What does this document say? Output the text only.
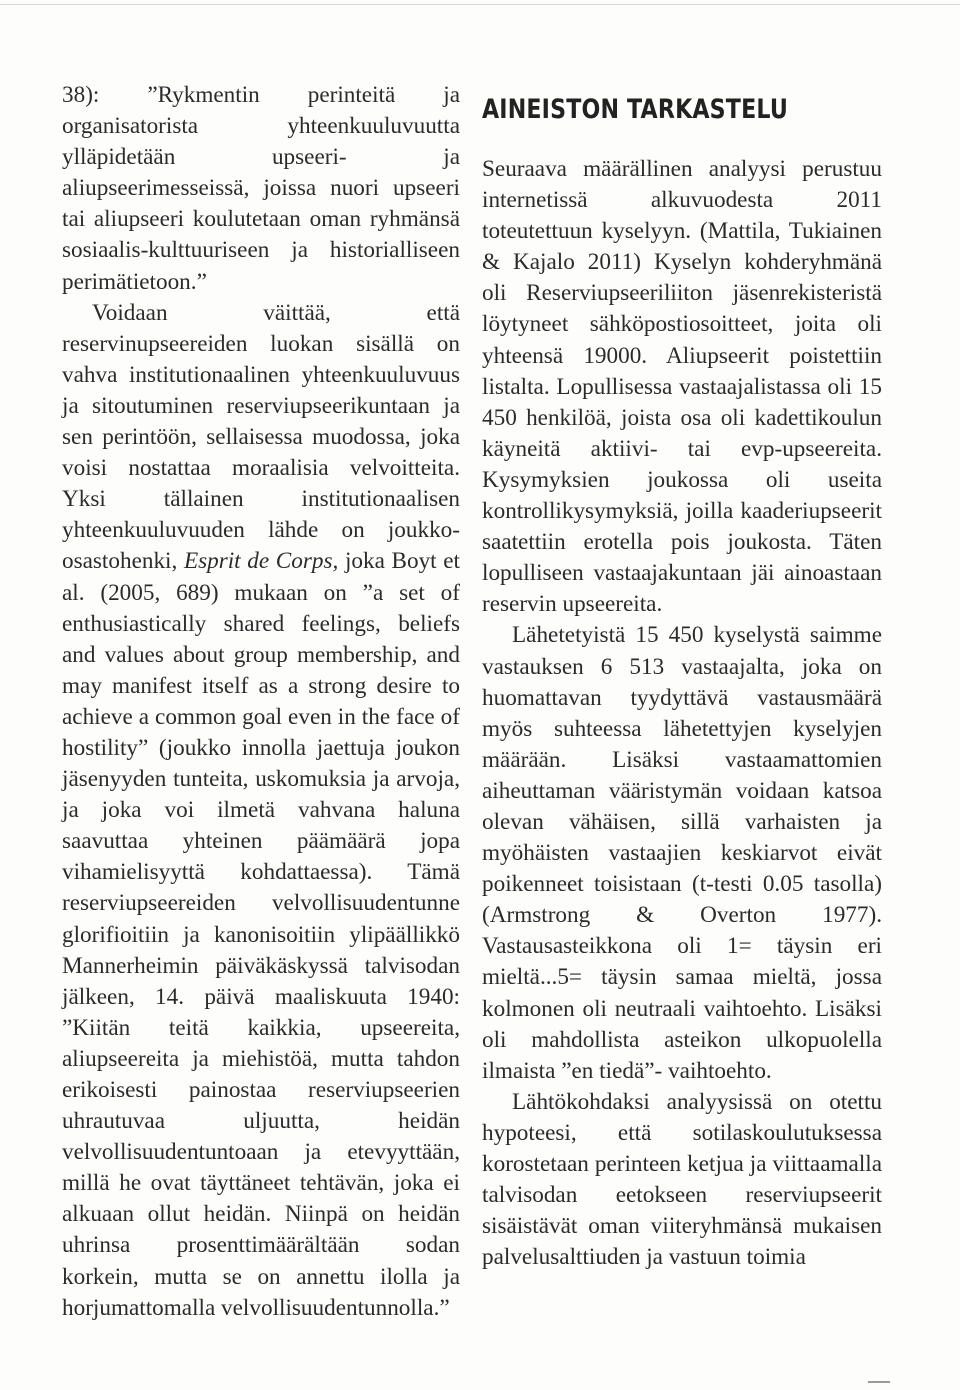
38): ”Rykmentin perinteitä ja organisatorista yhteenkuuluvuutta ylläpidetään upseeri- ja aliupseerimesseissä, joissa nuori upseeri tai aliupseeri koulutetaan oman ryhmänsä sosiaalis-kulttuuriseen ja historialliseen perimätietoon.”

Voidaan väittää, että reservinupseereiden luokan sisällä on vahva institutionaalinen yhteenkuuluvuus ja sitoutuminen reserviupseerikuntaan ja sen perintöön, sellaisessa muodossa, joka voisi nostattaa moraalisia velvoitteita. Yksi tällainen institutionaalisen yhteenkuuluvuuden lähde on joukko-osastohenki, Esprit de Corps, joka Boyt et al. (2005, 689) mukaan on ”a set of enthusiastically shared feelings, beliefs and values about group membership, and may manifest itself as a strong desire to achieve a common goal even in the face of hostility” (joukko innolla jaettuja joukon jäsenyyden tunteita, uskomuksia ja arvoja, ja joka voi ilmetä vahvana haluna saavuttaa yhteinen päämäärä jopa vihamielisyyttä kohdattaessa). Tämä reserviupseereiden velvollisuudentunne glorifioitiin ja kanonisoitiin ylipäällikkö Mannerheimin päiväkäskyssä talvisodan jälkeen, 14. päivä maaliskuuta 1940: ”Kiitän teitä kaikkia, upseereita, aliupseereita ja miehistöä, mutta tahdon erikoisesti painostaa reserviupseerien uhrautuvaa uljuutta, heidän velvollisuudentuntoaan ja etevyyttään, millä he ovat täyttäneet tehtävän, joka ei alkuaan ollut heidän. Niinpä on heidän uhrinsa prosenttimäärältään sodan korkein, mutta se on annettu ilolla ja horjumattomalla velvollisuudentunnolla.”

AINEISTON TARKASTELU

Seuraava määrällinen analyysi perustuu internetissä alkuvuodesta 2011 toteutettuun kyselyyn. (Mattila, Tukiainen & Kajalo 2011) Kyselyn kohderyhmänä oli Reserviupseeriliiton jäsenrekisteristä löytyneet sähköpostiosoitteet, joita oli yhteensä 19000. Aliupseerit poistettiin listalta. Lopullisessa vastaajalistassa oli 15 450 henkilöä, joista osa oli kadettikoulun käyneitä aktiivi- tai evp-upseereita. Kysymyksien joukossa oli useita kontrollikysymyksiä, joilla kaaderiupseerit saatettiin erotella pois joukosta. Täten lopulliseen vastaajakuntaan jäi ainoastaan reservin upseereita.

Lähetetyistä 15 450 kyselystä saimme vastauksen 6 513 vastaajalta, joka on huomattavan tyydyttävä vastausmäärä myös suhteessa lähetettyjen kyselyjen määrään. Lisäksi vastaamattomien aiheuttaman vääristymän voidaan katsoa olevan vähäisen, sillä varhaisten ja myöhäisten vastaajien keskiarvot eivät poikenneet toisistaan (t-testi 0.05 tasolla) (Armstrong & Overton 1977). Vastausasteikkona oli 1= täysin eri mieltä...5= täysin samaa mieltä, jossa kolmonen oli neutraali vaihtoehto. Lisäksi oli mahdollista asteikon ulkopuolella ilmaista ”en tiedä”- vaihtoehto.

Lähtökohdaksi analyysissä on otettu hypoteesi, että sotilaskoulutuksessa korostetaan perinteen ketjua ja viittaamalla talvisodan eetokseen reserviupseerit sisäistävät oman viiteryhmänsä mukaisen palvelusalttiuden ja vastuun toimia
